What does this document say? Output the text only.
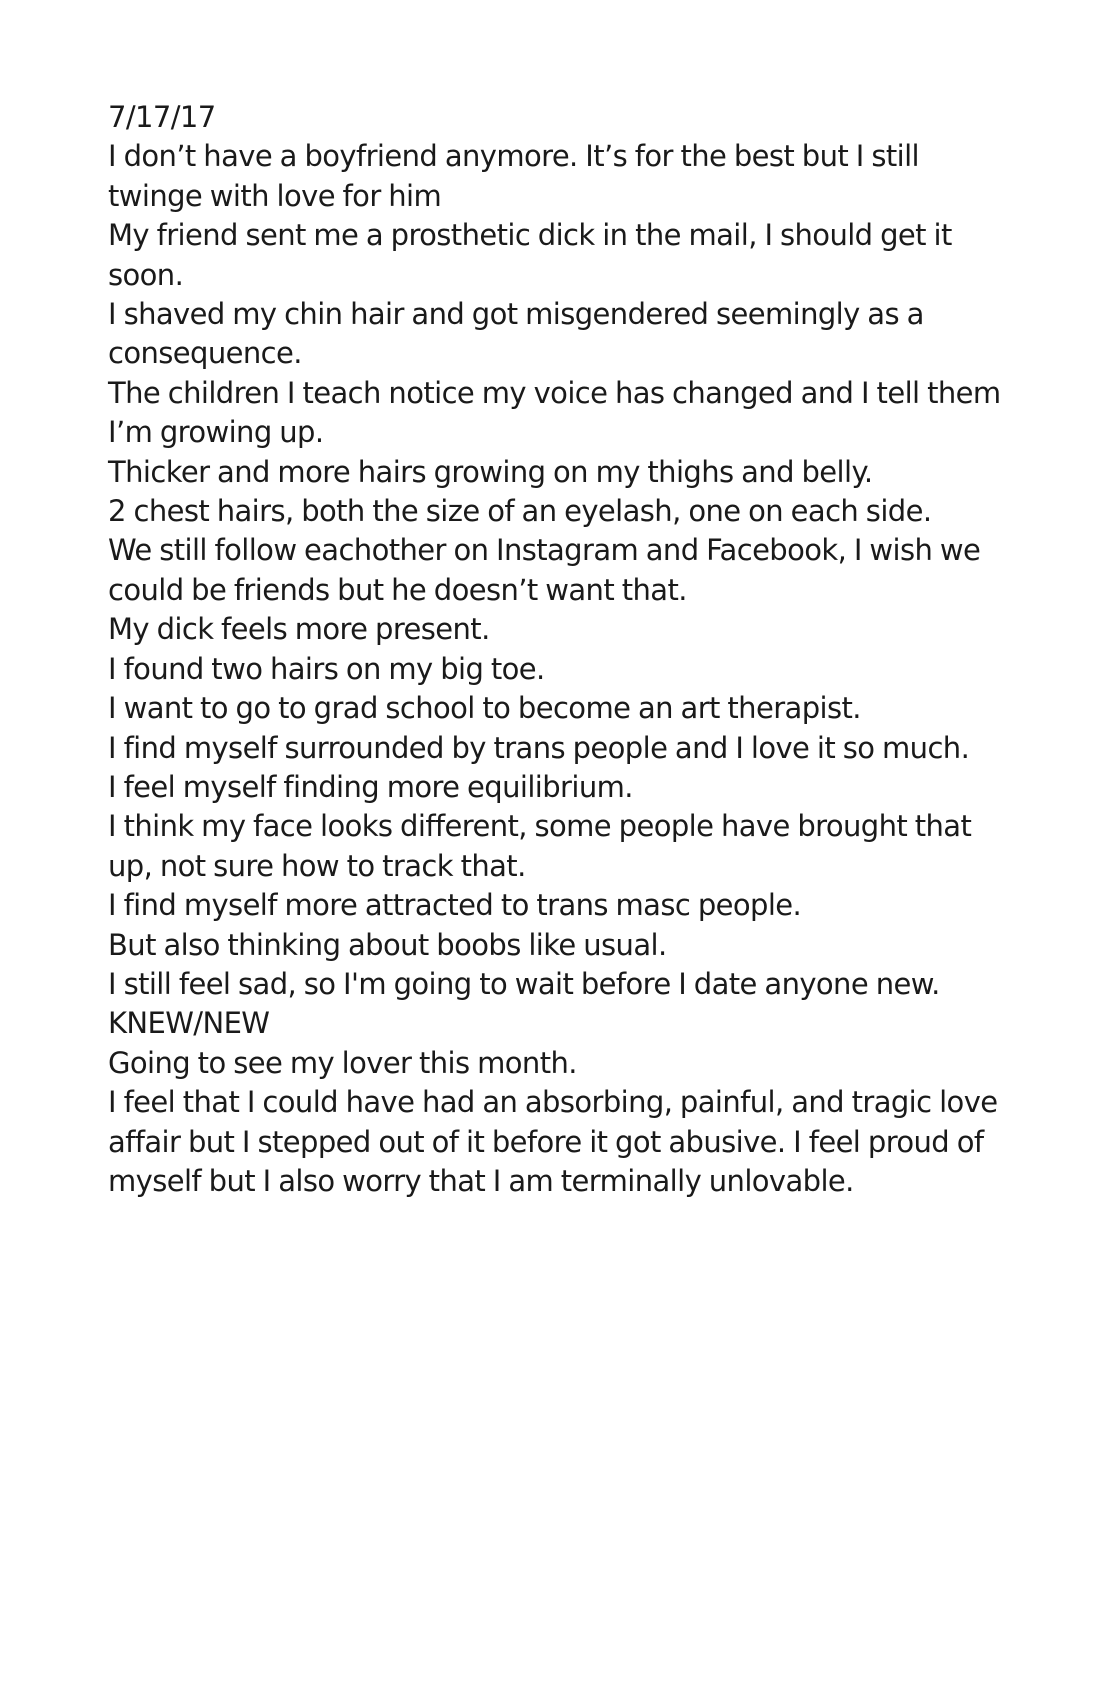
7/17/17

I don’t have a boyfriend anymore. It’s for the best but I still twinge with love for him

My friend sent me a prosthetic dick in the mail, I should get it soon.

I shaved my chin hair and got misgendered seemingly as a consequence.

The children I teach notice my voice has changed and I tell them I’m growing up.

Thicker and more hairs growing on my thighs and belly.

2 chest hairs, both the size of an eyelash, one on each side.

We still follow eachother on Instagram and Facebook, I wish we could be friends but he doesn’t want that.

My dick feels more present.

I found two hairs on my big toe.

I want to go to grad school to become an art therapist.

I find myself surrounded by trans people and I love it so much.

I feel myself finding more equilibrium.

I think my face looks different, some people have brought that up, not sure how to track that.

I find myself more attracted to trans masc people.

But also thinking about boobs like usual.

I still feel sad, so I'm going to wait before I date anyone new.

KNEW/NEW

Going to see my lover this month.

I feel that I could have had an absorbing, painful, and tragic love affair but I stepped out of it before it got abusive. I feel proud of myself but I also worry that I am terminally unlovable.
